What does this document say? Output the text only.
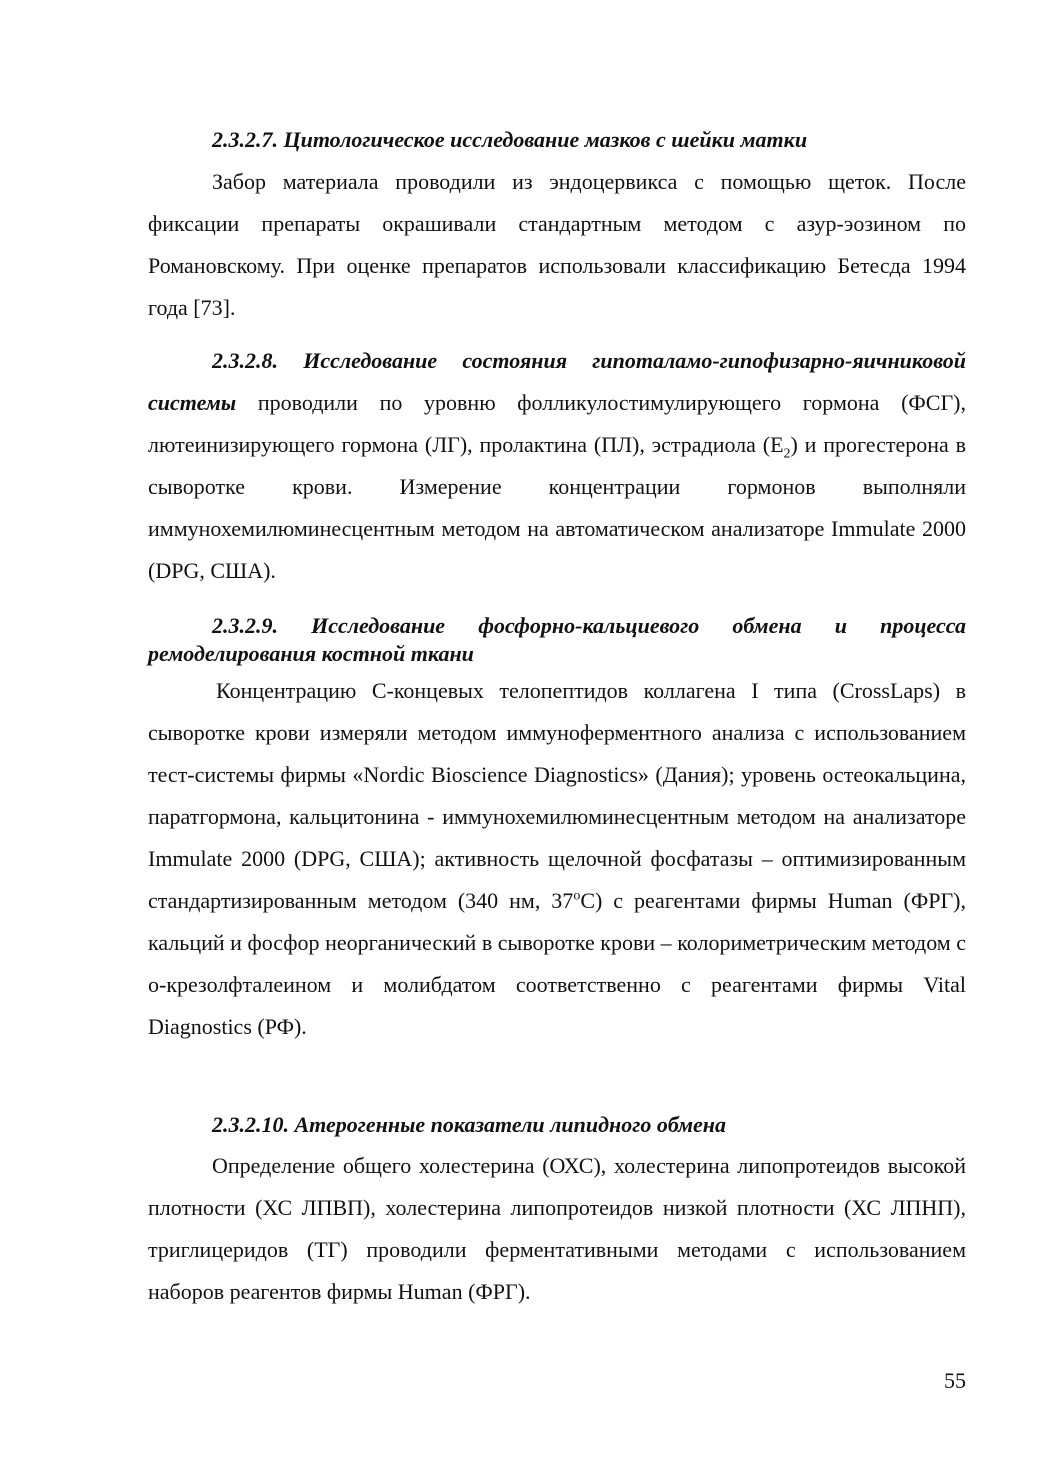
2.3.2.7. Цитологическое исследование мазков с шейки матки
Забор материала проводили из эндоцервикса с помощью щеток. После фиксации препараты окрашивали стандартным методом с азур-эозином по Романовскому. При оценке препаратов использовали классификацию Бетесда 1994 года [73].
2.3.2.8. Исследование состояния гипоталамо-гипофизарно-яичниковой системы проводили по уровню фолликулостимулирующего гормона (ФСГ), лютеинизирующего гормона (ЛГ), пролактина (ПЛ), эстрадиола $(Е_2)$ и прогестерона в сыворотке крови. Измерение концентрации гормонов выполняли иммунохемилюминесцентным методом на автоматическом анализаторе Immulate 2000 (DPG, США).
2.3.2.9. Исследование фосфорно-кальциевого обмена и процесса ремоделирования костной ткани
Концентрацию С-концевых телопептидов коллагена I типа (CrossLaps) в сыворотке крови измеряли методом иммуноферментного анализа с использованием тест-системы фирмы «Nordic Bioscience Diagnostics» (Дания); уровень остеокальцина, паратгормона, кальцитонина - иммунохемилюминесцентным методом на анализаторе Immulate 2000 (DPG, США); активность щелочной фосфатазы – оптимизированным стандартизированным методом (340 нм, $37^оС$) с реагентами фирмы Human (ФРГ), кальций и фосфор неорганический в сыворотке крови – колориметрическим методом с о-крезолфталеином и молибдатом соответственно с реагентами фирмы Vital Diagnostics (РФ).
2.3.2.10. Атерогенные показатели липидного обмена
Определение общего холестерина (ОХС), холестерина липопротеидов высокой плотности (ХС ЛПВП), холестерина липопротеидов низкой плотности (ХС ЛПНП), триглицеридов (ТГ) проводили ферментативными методами с использованием наборов реагентов фирмы Human (ФРГ).
55
